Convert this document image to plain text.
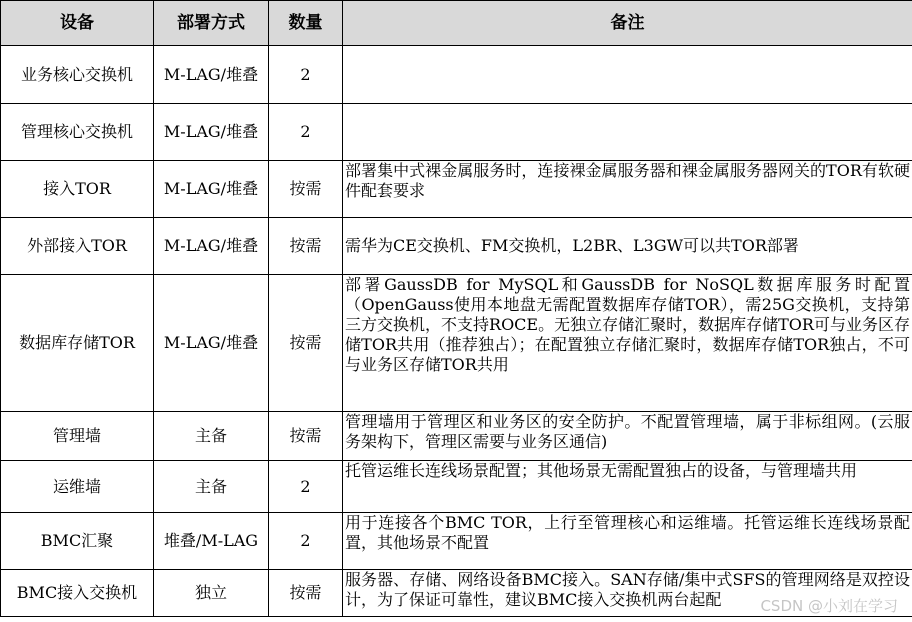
设备	部署方式	数量	备注
业务核心交换机	M-LAG/堆叠	2	
管理核心交换机	M-LAG/堆叠	2	
接入TOR	M-LAG/堆叠	按需	部署集中式裸金属服务时，连接裸金属服务器和裸金属服务器网关的TOR有软硬件配套要求
外部接入TOR	M-LAG/堆叠	按需	需华为CE交换机、FM交换机，L2BR、L3GW可以共TOR部署
数据库存储TOR	M-LAG/堆叠	按需	部署GaussDB for MySQL和GaussDB for NoSQL数据库服务时配置（OpenGauss使用本地盘无需配置数据库存储TOR），需25G交换机，支持第三方交换机，不支持ROCE。无独立存储汇聚时，数据库存储TOR可与业务区存储TOR共用（推荐独占）；在配置独立存储汇聚时，数据库存储TOR独占，不可与业务区存储TOR共用
管理墙	主备	按需	管理墙用于管理区和业务区的安全防护。不配置管理墙，属于非标组网。(云服务架构下，管理区需要与业务区通信)
运维墙	主备	2	托管运维长连线场景配置；其他场景无需配置独占的设备，与管理墙共用
BMC汇聚	堆叠/M-LAG	2	用于连接各个BMC TOR，上行至管理核心和运维墙。托管运维长连线场景配置，其他场景不配置
BMC接入交换机	独立	按需	服务器、存储、网络设备BMC接入。SAN存储/集中式SFS的管理网络是双控设计，为了保证可靠性，建议BMC接入交换机两台起配	CSDN @小刘在学习
